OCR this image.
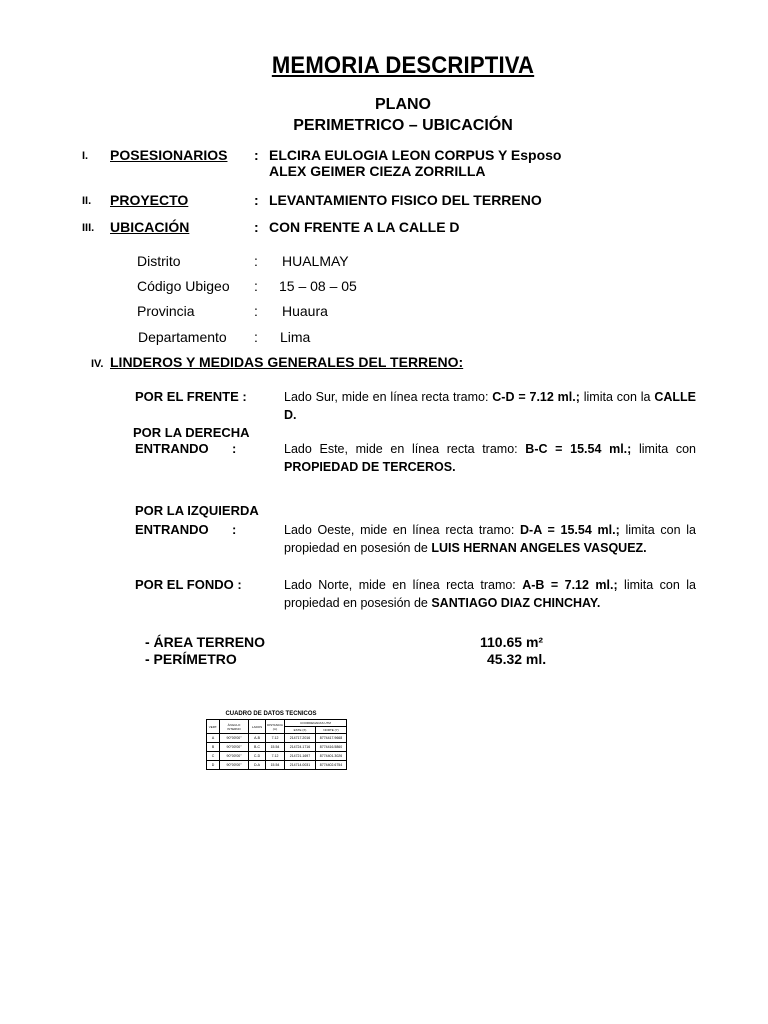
MEMORIA DESCRIPTIVA
PLANO
PERIMETRICO – UBICACIÓN
I. POSESIONARIOS : ELCIRA EULOGIA LEON CORPUS Y Esposo
ALEX GEIMER CIEZA ZORRILLA
II. PROYECTO	: LEVANTAMIENTO FISICO DEL TERRENO
III. UBICACIÓN	: CON FRENTE A LA CALLE D
Distrito	: HUALMAY
Código Ubigeo : 15 – 08 – 05
Provincia	: Huaura
Departamento : Lima
IV. LINDEROS Y MEDIDAS GENERALES DEL TERRENO:
POR EL FRENTE :	Lado Sur, mide en línea recta tramo: C-D = 7.12 ml.; limita con la CALLE D.
POR LA DERECHA
ENTRANDO :	Lado Este, mide en línea recta tramo: B-C = 15.54 ml.; limita con PROPIEDAD DE TERCEROS.
POR LA IZQUIERDA
ENTRANDO :	Lado Oeste, mide en línea recta tramo: D-A = 15.54 ml.; limita con la propiedad en posesión de LUIS HERNAN ANGELES VASQUEZ.
POR EL FONDO :	Lado Norte, mide en línea recta tramo: A-B = 7.12 ml.; limita con la propiedad en posesión de SANTIAGO DIAZ CHINCHAY.
- ÁREA TERRENO	110.65 m²
- PERÍMETRO	45.32 ml.
CUADRO DE DATOS TECNICOS
VERT.	ÁNGULO INTERNO	LADOS	DISTANCIA (m)	COORDENADAS UTM	
				ESTE (X)	NORTE (Y)
A	90°00'00"	A-B	7.12	214717.2016	8774417.9668
B	90°00'00"	B-C	15.54	214724.1716	8774416.5860
C	90°00'00"	C-D	7.12	214721.1697	8774401.3026
D	90°00'00"	D-A	15.54	214714.0031	8774402.6754
